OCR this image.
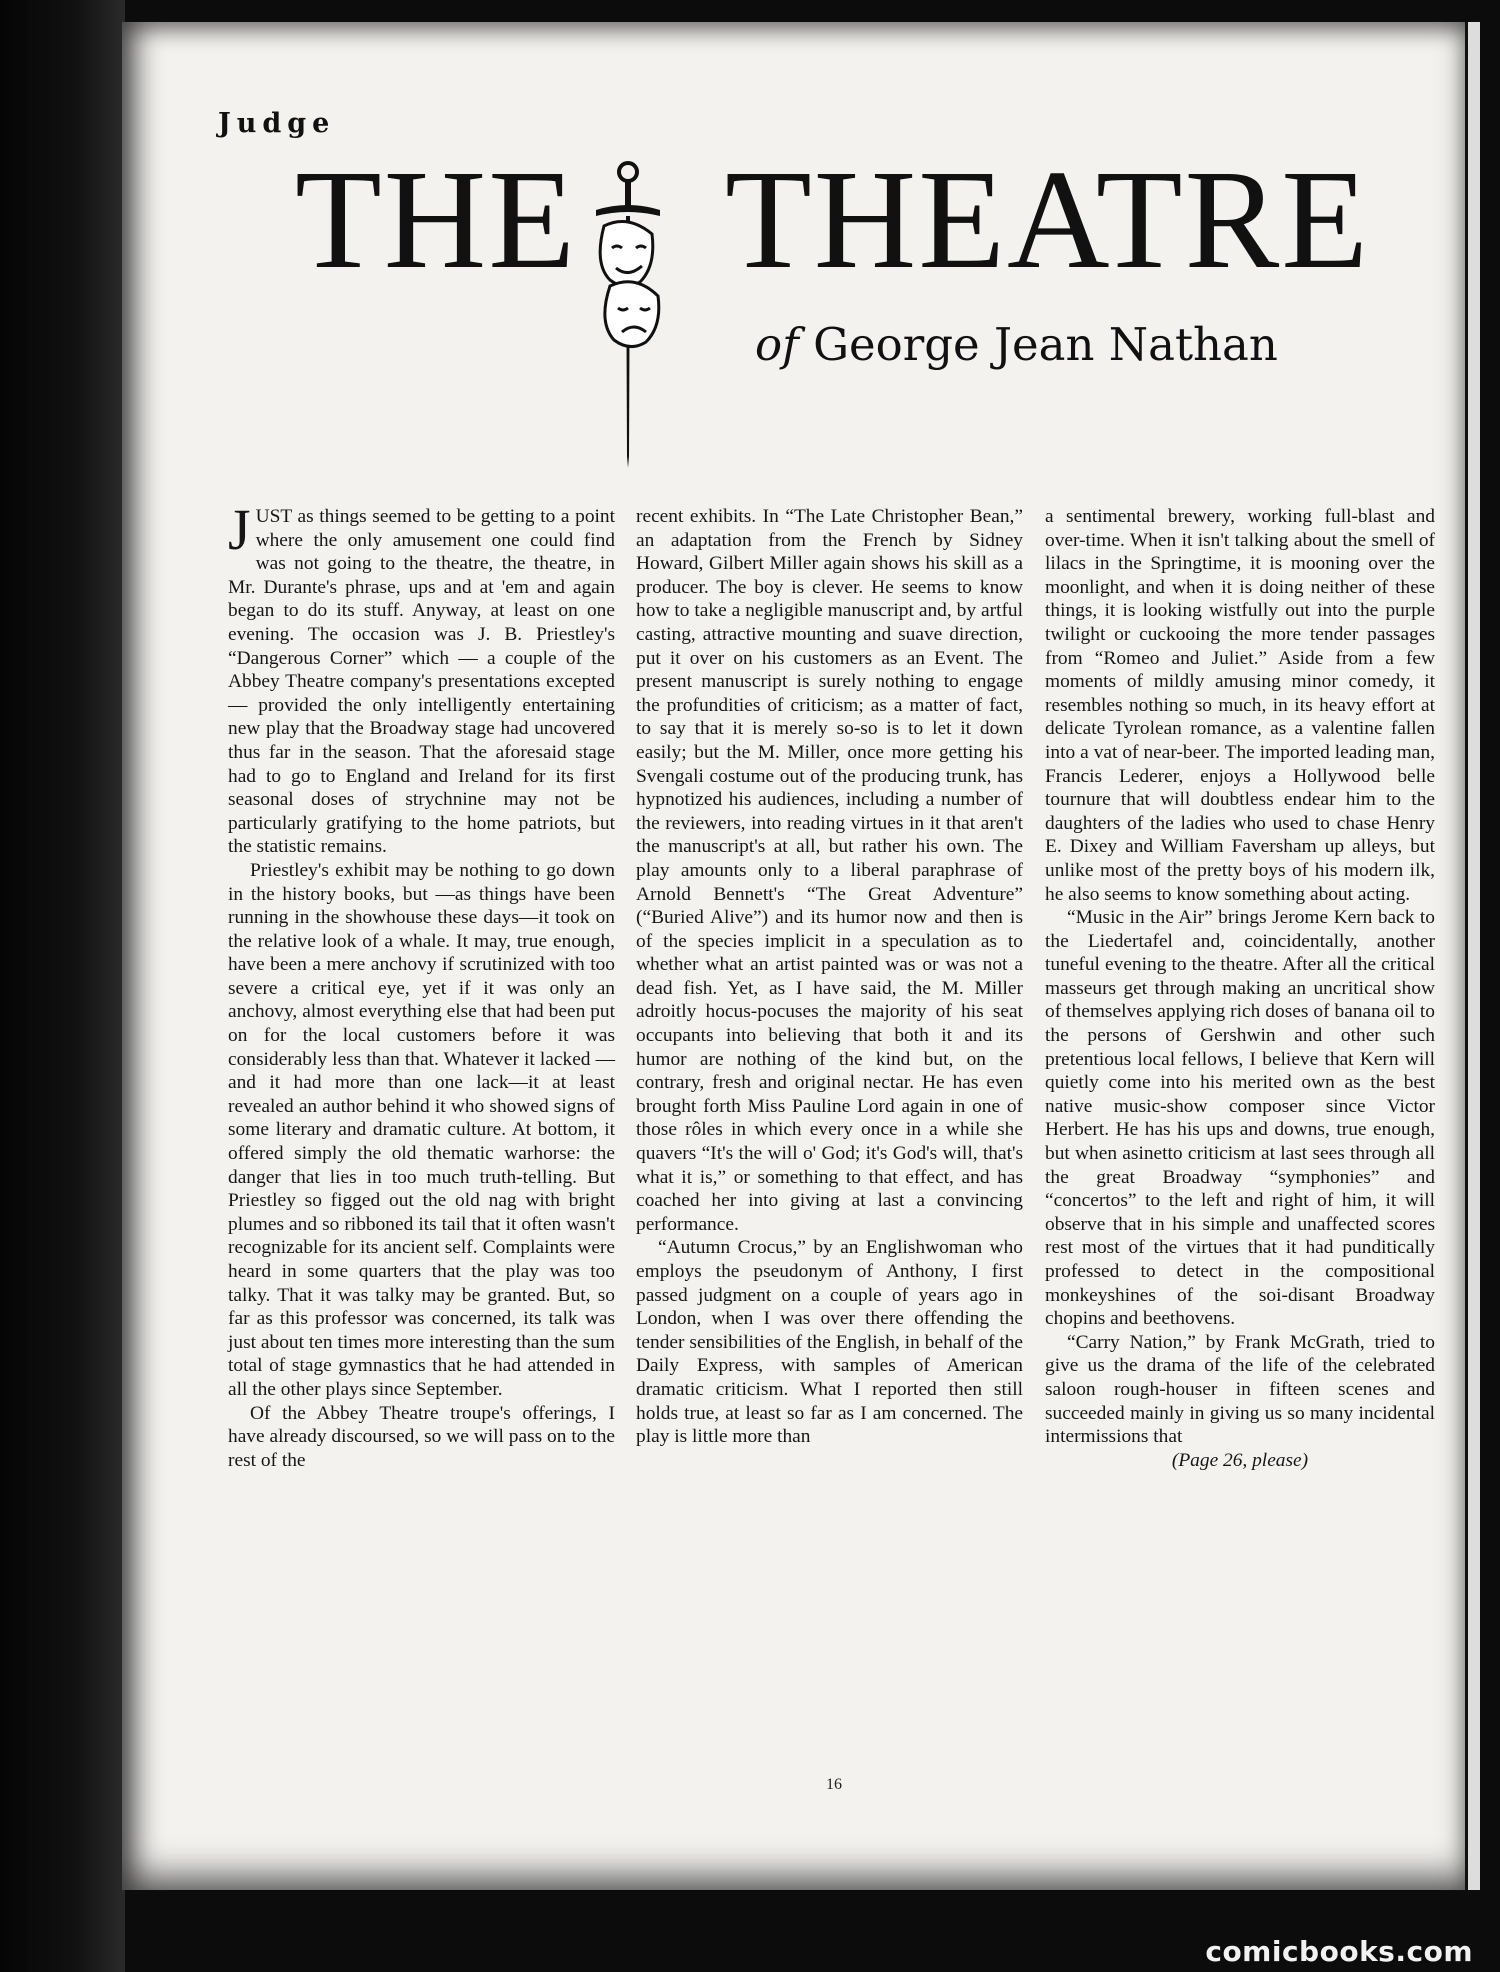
Judge
THE THEATRE
of George Jean Nathan

JUST as things seemed to be getting to a point where the only amusement one could find was not going to the theatre, the theatre, in Mr. Durante's phrase, ups and at 'em and again began to do its stuff. Anyway, at least on one evening. The occasion was J. B. Priestley's “Dangerous Corner” which — a couple of the Abbey Theatre company's presentations excepted — provided the only intelligently entertaining new play that the Broadway stage had uncovered thus far in the season. That the aforesaid stage had to go to England and Ireland for its first seasonal doses of strychnine may not be particularly gratifying to the home patriots, but the statistic remains.

Priestley's exhibit may be nothing to go down in the history books, but —as things have been running in the showhouse these days—it took on the relative look of a whale. It may, true enough, have been a mere anchovy if scrutinized with too severe a critical eye, yet if it was only an anchovy, almost everything else that had been put on for the local customers before it was considerably less than that. Whatever it lacked —and it had more than one lack—it at least revealed an author behind it who showed signs of some literary and dramatic culture. At bottom, it offered simply the old thematic warhorse: the danger that lies in too much truth-telling. But Priestley so figged out the old nag with bright plumes and so ribboned its tail that it often wasn't recognizable for its ancient self. Complaints were heard in some quarters that the play was too talky. That it was talky may be granted. But, so far as this professor was concerned, its talk was just about ten times more interesting than the sum total of stage gymnastics that he had attended in all the other plays since September.

Of the Abbey Theatre troupe's offerings, I have already discoursed, so we will pass on to the rest of the

recent exhibits. In “The Late Christopher Bean,” an adaptation from the French by Sidney Howard, Gilbert Miller again shows his skill as a producer. The boy is clever. He seems to know how to take a negligible manuscript and, by artful casting, attractive mounting and suave direction, put it over on his customers as an Event. The present manuscript is surely nothing to engage the profundities of criticism; as a matter of fact, to say that it is merely so-so is to let it down easily; but the M. Miller, once more getting his Svengali costume out of the producing trunk, has hypnotized his audiences, including a number of the reviewers, into reading virtues in it that aren't the manuscript's at all, but rather his own. The play amounts only to a liberal paraphrase of Arnold Bennett's “The Great Adventure” (“Buried Alive”) and its humor now and then is of the species implicit in a speculation as to whether what an artist painted was or was not a dead fish. Yet, as I have said, the M. Miller adroitly hocus-pocuses the majority of his seat occupants into believing that both it and its humor are nothing of the kind but, on the contrary, fresh and original nectar. He has even brought forth Miss Pauline Lord again in one of those rôles in which every once in a while she quavers “It's the will o' God; it's God's will, that's what it is,” or something to that effect, and has coached her into giving at last a convincing performance.

“Autumn Crocus,” by an Englishwoman who employs the pseudonym of Anthony, I first passed judgment on a couple of years ago in London, when I was over there offending the tender sensibilities of the English, in behalf of the Daily Express, with samples of American dramatic criticism. What I reported then still holds true, at least so far as I am concerned. The play is little more than

a sentimental brewery, working full-blast and over-time. When it isn't talking about the smell of lilacs in the Springtime, it is mooning over the moonlight, and when it is doing neither of these things, it is looking wistfully out into the purple twilight or cuckooing the more tender passages from “Romeo and Juliet.” Aside from a few moments of mildly amusing minor comedy, it resembles nothing so much, in its heavy effort at delicate Tyrolean romance, as a valentine fallen into a vat of near-beer. The imported leading man, Francis Lederer, enjoys a Hollywood belle tournure that will doubtless endear him to the daughters of the ladies who used to chase Henry E. Dixey and William Faversham up alleys, but unlike most of the pretty boys of his modern ilk, he also seems to know something about acting.

“Music in the Air” brings Jerome Kern back to the Liedertafel and, coincidentally, another tuneful evening to the theatre. After all the critical masseurs get through making an uncritical show of themselves applying rich doses of banana oil to the persons of Gershwin and other such pretentious local fellows, I believe that Kern will quietly come into his merited own as the best native music-show composer since Victor Herbert. He has his ups and downs, true enough, but when asinetto criticism at last sees through all the great Broadway “symphonies” and “concertos” to the left and right of him, it will observe that in his simple and unaffected scores rest most of the virtues that it had punditically professed to detect in the compositional monkeyshines of the soi-disant Broadway chopins and beethovens.

“Carry Nation,” by Frank McGrath, tried to give us the drama of the life of the celebrated saloon rough-houser in fifteen scenes and succeeded mainly in giving us so many incidental intermissions that

(Page 26, please)
16
comicbooks.com
